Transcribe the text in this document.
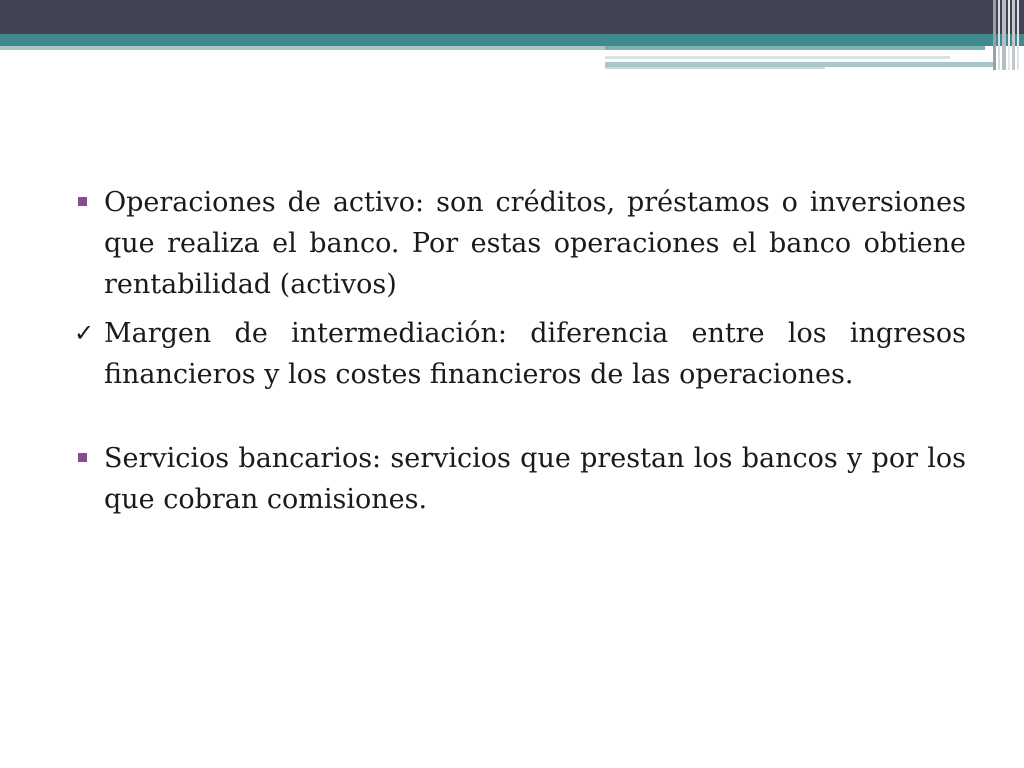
Operaciones de activo: son créditos, préstamos o inversiones que realiza el banco. Por estas operaciones el banco obtiene rentabilidad (activos)
✓ Margen de intermediación: diferencia entre los ingresos financieros y los costes financieros de las operaciones.
Servicios bancarios: servicios que prestan los bancos y por los que cobran comisiones.
